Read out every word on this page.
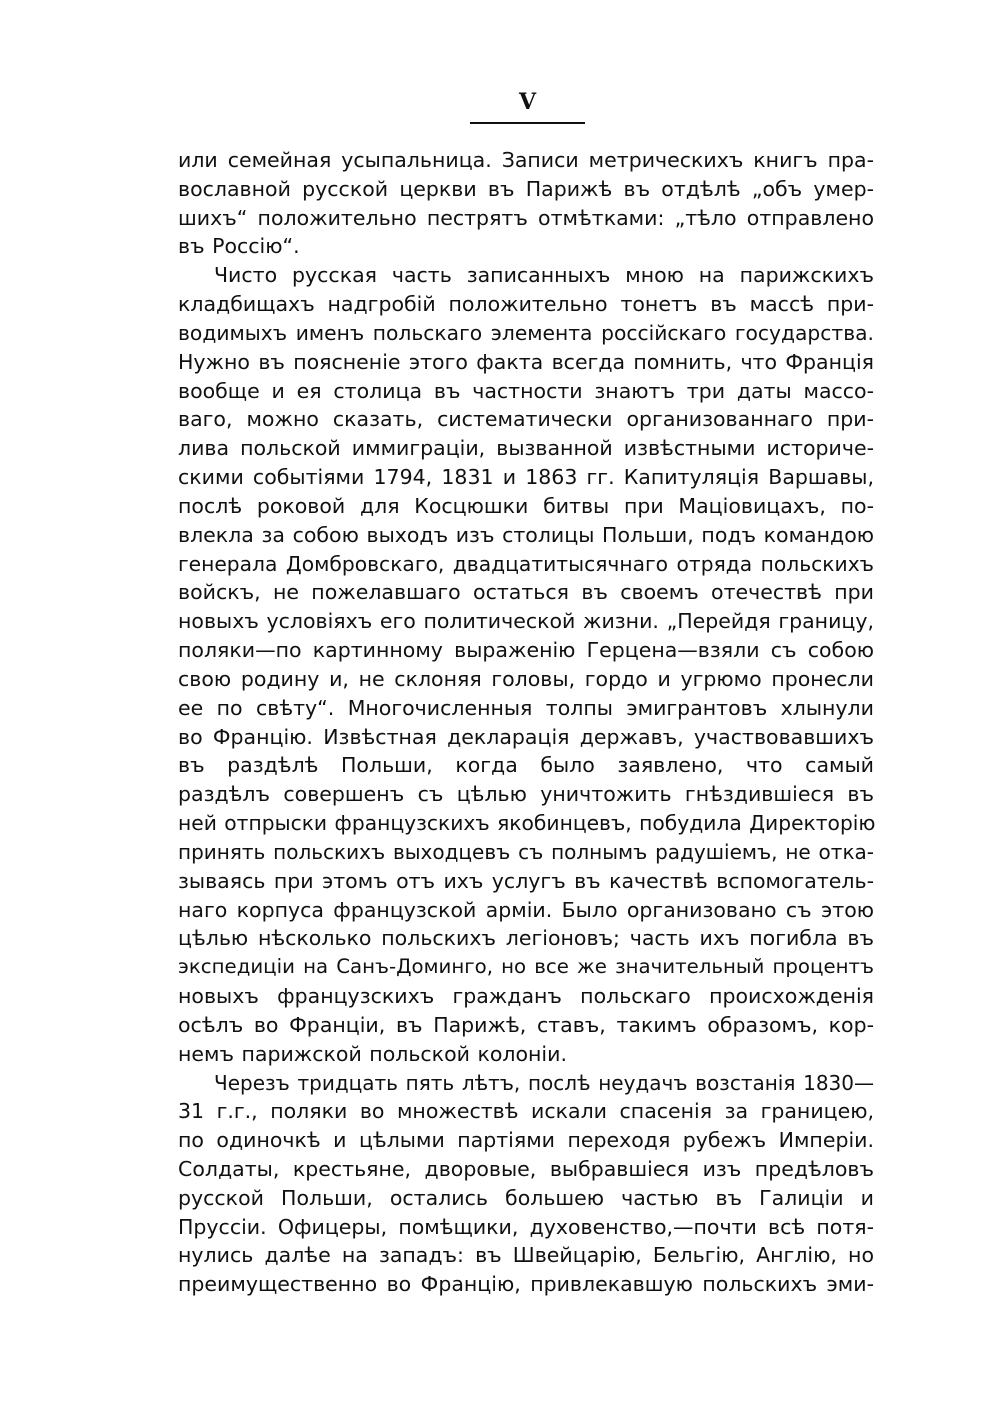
V
или семейная усыпальница. Записи метрическихъ книгъ пра-
вославной русской церкви въ Парижѣ въ отдѣлѣ „объ умер-
шихъ“ положительно пестрятъ отмѣтками: „тѣло отправлено
въ Россію“.
Чисто русская часть записанныхъ мною на парижскихъ
кладбищахъ надгробій положительно тонетъ въ массѣ при-
водимыхъ именъ польскаго элемента россійскаго государства.
Нужно въ поясненіе этого факта всегда помнить, что Францiя
вообще и ея столица въ частности знаютъ три даты массо-
ваго, можно сказать, систематически организованнаго при-
лива польской иммиграціи, вызванной извѣстными историче-
скими событіями 1794, 1831 и 1863 гг. Капитуляція Варшавы,
послѣ роковой для Косцюшки битвы при Маціовицахъ, по-
влекла за собою выходъ изъ столицы Польши, подъ командою
генерала Домбровскаго, двадцатитысячнаго отряда польскихъ
войскъ, не пожелавшаго остаться въ своемъ отечествѣ при
новыхъ условіяхъ его политической жизни. „Перейдя границу,
поляки—по картинному выраженію Герцена—взяли съ собою
свою родину и, не склоняя головы, гордо и угрюмо пронесли
ее по свѣту“. Многочисленныя толпы эмигрантовъ хлынули
во Францію. Извѣстная декларація державъ, участвовавшихъ
въ раздѣлѣ Польши, когда было заявлено, что самый
раздѣлъ совершенъ съ цѣлью уничтожить гнѣздившіеся въ
ней отпрыски французскихъ якобинцевъ, побудила Директорію
принять польскихъ выходцевъ съ полнымъ радушіемъ, не отка-
зываясь при этомъ отъ ихъ услугъ въ качествѣ вспомогатель-
наго корпуса французской арміи. Было организовано съ этою
цѣлью нѣсколько польскихъ легіоновъ; часть ихъ погибла въ
экспедиціи на Санъ-Доминго, но все же значительный процентъ
новыхъ французскихъ гражданъ польскаго происхожденія
осѣлъ во Франціи, въ Парижѣ, ставъ, такимъ образомъ, кор-
немъ парижской польской колоніи.
Черезъ тридцать пять лѣтъ, послѣ неудачъ возстанія 1830—
31 г.г., поляки во множествѣ искали спасенія за границею,
по одиночкѣ и цѣлыми партіями переходя рубежъ Имперіи.
Солдаты, крестьяне, дворовые, выбравшіеся изъ предѣловъ
русской Польши, остались большею частью въ Галиціи и
Пруссіи. Офицеры, помѣщики, духовенство,—почти всѣ потя-
нулись далѣе на западъ: въ Швейцарію, Бельгію, Англію, но
преимущественно во Францію, привлекавшую польскихъ эми-
